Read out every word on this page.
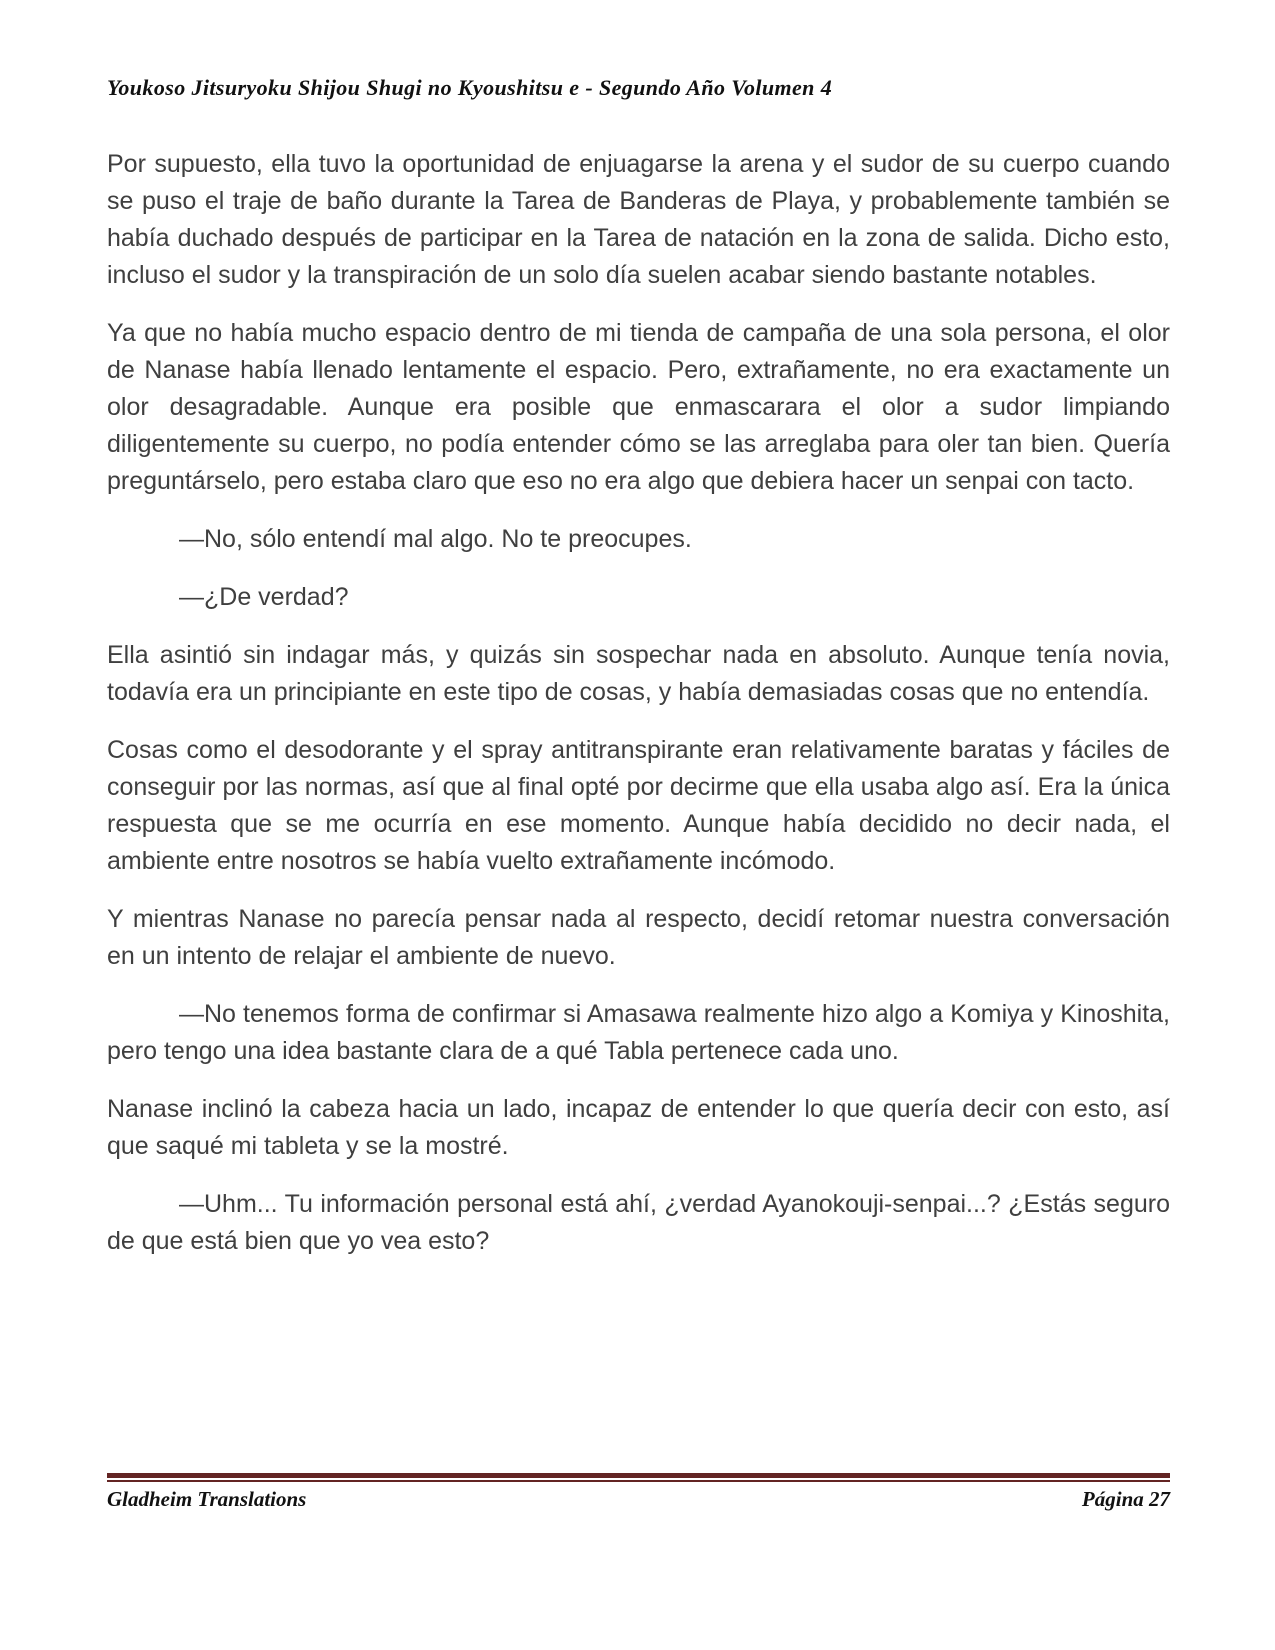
Youkoso Jitsuryoku Shijou Shugi no Kyoushitsu e - Segundo Año Volumen 4

Por supuesto, ella tuvo la oportunidad de enjuagarse la arena y el sudor de su cuerpo cuando se puso el traje de baño durante la Tarea de Banderas de Playa, y probablemente también se había duchado después de participar en la Tarea de natación en la zona de salida. Dicho esto, incluso el sudor y la transpiración de un solo día suelen acabar siendo bastante notables.

Ya que no había mucho espacio dentro de mi tienda de campaña de una sola persona, el olor de Nanase había llenado lentamente el espacio. Pero, extrañamente, no era exactamente un olor desagradable. Aunque era posible que enmascarara el olor a sudor limpiando diligentemente su cuerpo, no podía entender cómo se las arreglaba para oler tan bien. Quería preguntárselo, pero estaba claro que eso no era algo que debiera hacer un senpai con tacto.

—No, sólo entendí mal algo. No te preocupes.

—¿De verdad?

Ella asintió sin indagar más, y quizás sin sospechar nada en absoluto. Aunque tenía novia, todavía era un principiante en este tipo de cosas, y había demasiadas cosas que no entendía.

Cosas como el desodorante y el spray antitranspirante eran relativamente baratas y fáciles de conseguir por las normas, así que al final opté por decirme que ella usaba algo así. Era la única respuesta que se me ocurría en ese momento. Aunque había decidido no decir nada, el ambiente entre nosotros se había vuelto extrañamente incómodo.

Y mientras Nanase no parecía pensar nada al respecto, decidí retomar nuestra conversación en un intento de relajar el ambiente de nuevo.

—No tenemos forma de confirmar si Amasawa realmente hizo algo a Komiya y Kinoshita, pero tengo una idea bastante clara de a qué Tabla pertenece cada uno.

Nanase inclinó la cabeza hacia un lado, incapaz de entender lo que quería decir con esto, así que saqué mi tableta y se la mostré.

—Uhm... Tu información personal está ahí, ¿verdad Ayanokouji-senpai...? ¿Estás seguro de que está bien que yo vea esto?

Gladheim Translations	Página 27
